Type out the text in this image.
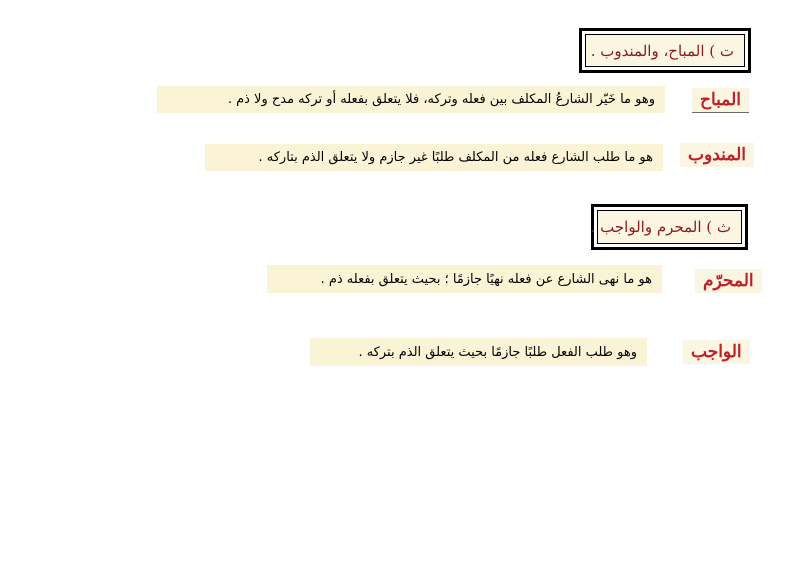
ت ) المباح، والمندوب .
المباح
وهو ما خَيّر الشارعُ المكلف بين فعله وتركه، فلا يتعلق بفعله أو تركه مدح ولا ذم .
المندوب
هو ما طلب الشارع فعله من المكلف طلبًا غير جازم ولا يتعلق الذم بتاركه .
ث ) المحرم والواجب .
المحرّم
هو ما نهى الشارع عن فعله نهيًا جازمًا ؛ بحيث يتعلق بفعله ذم .
الواجب
وهو طلب الفعل طلبًا جازمًا بحيث يتعلق الذم بتركه .
